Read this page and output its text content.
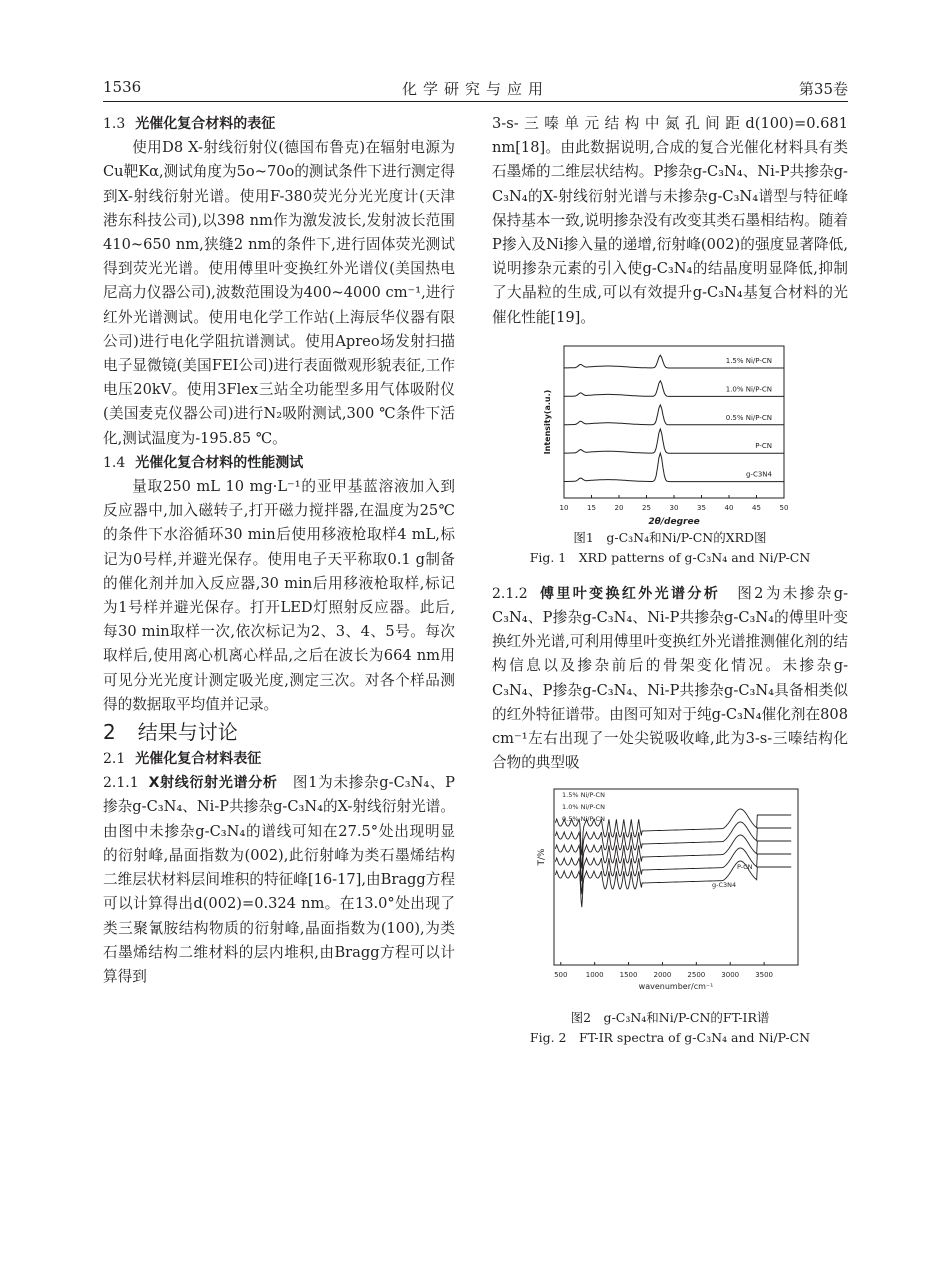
1536	化学研究与应用	第35卷

1.3 光催化复合材料的表征

使用D8 X-射线衍射仪(德国布鲁克)在辐射电源为Cu靶Kα,测试角度为5o~70o的测试条件下进行测定得到X-射线衍射光谱。使用F-380荧光分光光度计(天津港东科技公司),以398 nm作为激发波长,发射波长范围410~650 nm,狭缝2 nm的条件下,进行固体荧光测试得到荧光光谱。使用傅里叶变换红外光谱仪(美国热电尼高力仪器公司),波数范围设为400~4000 cm⁻¹,进行红外光谱测试。使用电化学工作站(上海辰华仪器有限公司)进行电化学阻抗谱测试。使用Apreo场发射扫描电子显微镜(美国FEI公司)进行表面微观形貌表征,工作电压20kV。使用3Flex三站全功能型多用气体吸附仪(美国麦克仪器公司)进行N₂吸附测试,300 ℃条件下活化,测试温度为-195.85 ℃。

1.4 光催化复合材料的性能测试

量取250 mL 10 mg·L⁻¹的亚甲基蓝溶液加入到反应器中,加入磁转子,打开磁力搅拌器,在温度为25℃的条件下水浴循环30 min后使用移液枪取样4 mL,标记为0号样,并避光保存。使用电子天平称取0.1 g制备的催化剂并加入反应器,30 min后用移液枪取样,标记为1号样并避光保存。打开LED灯照射反应器。此后,每30 min取样一次,依次标记为2、3、4、5号。每次取样后,使用离心机离心样品,之后在波长为664 nm用可见分光光度计测定吸光度,测定三次。对各个样品测得的数据取平均值并记录。

2 结果与讨论

2.1 光催化复合材料表征

2.1.1 X射线衍射光谱分析　 图1为未掺杂g-C₃N₄、P掺杂g-C₃N₄、Ni-P共掺杂g-C₃N₄的X-射线衍射光谱。由图中未掺杂g-C₃N₄的谱线可知在27.5°处出现明显的衍射峰,晶面指数为(002),此衍射峰为类石墨烯结构二维层状材料层间堆积的特征峰[16-17],由Bragg方程可以计算得出d(002)=0.324 nm。在13.0°处出现了类三聚氰胺结构物质的衍射峰,晶面指数为(100),为类石墨烯结构二维材料的层内堆积,由Bragg方程可以计算得到

3-s-三嗪单元结构中氮孔间距d(100)=0.681 nm[18]。由此数据说明,合成的复合光催化材料具有类石墨烯的二维层状结构。P掺杂g-C₃N₄、Ni-P共掺杂g-C₃N₄的X-射线衍射光谱与未掺杂g-C₃N₄谱型与特征峰保持基本一致,说明掺杂没有改变其类石墨相结构。随着P掺入及Ni掺入量的递增,衍射峰(002)的强度显著降低,说明掺杂元素的引入使g-C₃N₄的结晶度明显降低,抑制了大晶粒的生成,可以有效提升g-C₃N₄基复合材料的光催化性能[19]。

10	15	20	25	30	35	40	45	50
2θ/degree
Intensity(a.u.)
1.5% Ni/P-CN
1.0% Ni/P-CN
0.5% Ni/P-CN
P-CN
g-C3N4

图1　g-C₃N₄和Ni/P-CN的XRD图

Fig. 1　XRD patterns of g-C₃N₄ and Ni/P-CN

2.1.2 傅里叶变换红外光谱分析　 图2为未掺杂g-C₃N₄、P掺杂g-C₃N₄、Ni-P共掺杂g-C₃N₄的傅里叶变换红外光谱,可利用傅里叶变换红外光谱推测催化剂的结构信息以及掺杂前后的骨架变化情况。未掺杂g-C₃N₄、P掺杂g-C₃N₄、Ni-P共掺杂g-C₃N₄具备相类似的红外特征谱带。由图可知对于纯g-C₃N₄催化剂在808 cm⁻¹左右出现了一处尖锐吸收峰,此为3-s-三嗪结构化合物的典型吸

500	1000 1500 2000 2500 3000 3500
wavenumber/cm⁻¹
T/%
1.5% Ni/P-CN
1.0% Ni/P-CN
0.5% Ni/P-CN
P-CN
g-C3N4

图2　g-C₃N₄和Ni/P-CN的FT-IR谱

Fig. 2　FT-IR spectra of g-C₃N₄ and Ni/P-CN
